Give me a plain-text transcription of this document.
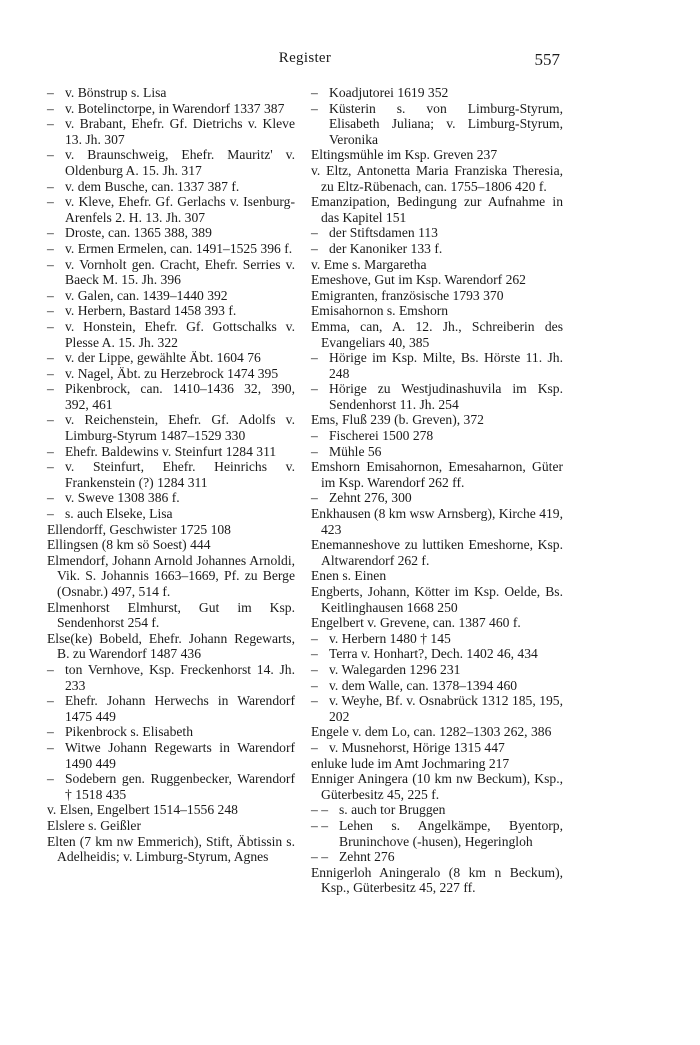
Register	557

– v. Bönstrup s. Lisa

– v. Botelinctorpe, in Warendorf 1337 387

– v. Brabant, Ehefr. Gf. Dietrichs v. Kleve 13. Jh. 307

– v. Braunschweig, Ehefr. Mauritz' v. Oldenburg A. 15. Jh. 317

– v. dem Busche, can. 1337 387 f.

– v. Kleve, Ehefr. Gf. Gerlachs v. Isenburg-Arenfels 2. H. 13. Jh. 307

– Droste, can. 1365 388, 389

– v. Ermen Ermelen, can. 1491–1525 396 f.

– v. Vornholt gen. Cracht, Ehefr. Serries v. Baeck M. 15. Jh. 396

– v. Galen, can. 1439–1440 392

– v. Herbern, Bastard 1458 393 f.

– v. Honstein, Ehefr. Gf. Gottschalks v. Plesse A. 15. Jh. 322

– v. der Lippe, gewählte Äbt. 1604 76

– v. Nagel, Äbt. zu Herzebrock 1474 395

– Pikenbrock, can. 1410–1436 32, 390, 392, 461

– v. Reichenstein, Ehefr. Gf. Adolfs v. Limburg-Styrum 1487–1529 330

– Ehefr. Baldewins v. Steinfurt 1284 311

– v. Steinfurt, Ehefr. Heinrichs v. Frankenstein (?) 1284 311

– v. Sweve 1308 386 f.

– s. auch Elseke, Lisa

Ellendorff, Geschwister 1725 108

Ellingsen (8 km sö Soest) 444

Elmendorf, Johann Arnold Johannes Arnoldi, Vik. S. Johannis 1663–1669, Pf. zu Berge (Osnabr.) 497, 514 f.

Elmenhorst Elmhurst, Gut im Ksp. Sendenhorst 254 f.

Else(ke) Bobeld, Ehefr. Johann Regewarts, B. zu Warendorf 1487 436

– ton Vernhove, Ksp. Freckenhorst 14. Jh. 233

– Ehefr. Johann Herwechs in Warendorf 1475 449

– Pikenbrock s. Elisabeth

– Witwe Johann Regewarts in Warendorf 1490 449

– Sodebern gen. Ruggenbecker, Warendorf † 1518 435

v. Elsen, Engelbert 1514–1556 248

Elslere s. Geißler

Elten (7 km nw Emmerich), Stift, Äbtissin s. Adelheidis; v. Limburg-Styrum, Agnes

– Koadjutorei 1619 352

– Küsterin s. von Limburg-Styrum, Elisabeth Juliana; v. Limburg-Styrum, Veronika

Eltingsmühle im Ksp. Greven 237

v. Eltz, Antonetta Maria Franziska Theresia, zu Eltz-Rübenach, can. 1755–1806 420 f.

Emanzipation, Bedingung zur Aufnahme in das Kapitel 151

– der Stiftsdamen 113

– der Kanoniker 133 f.

v. Eme s. Margaretha

Emeshove, Gut im Ksp. Warendorf 262

Emigranten, französische 1793 370

Emisahornon s. Emshorn

Emma, can, A. 12. Jh., Schreiberin des Evangeliars 40, 385

– Hörige im Ksp. Milte, Bs. Hörste 11. Jh. 248

– Hörige zu Westjudinashuvila im Ksp. Sendenhorst 11. Jh. 254

Ems, Fluß 239 (b. Greven), 372

– Fischerei 1500 278

– Mühle 56

Emshorn Emisahornon, Emesaharnon, Güter im Ksp. Warendorf 262 ff.

– Zehnt 276, 300

Enkhausen (8 km wsw Arnsberg), Kirche 419, 423

Enemanneshove zu luttiken Emeshorne, Ksp. Altwarendorf 262 f.

Enen s. Einen

Engberts, Johann, Kötter im Ksp. Oelde, Bs. Keitlinghausen 1668 250

Engelbert v. Grevene, can. 1387 460 f.

– v. Herbern 1480 † 145

– Terra v. Honhart?, Dech. 1402 46, 434

– v. Walegarden 1296 231

– v. dem Walle, can. 1378–1394 460

– v. Weyhe, Bf. v. Osnabrück 1312 185, 195, 202

Engele v. dem Lo, can. 1282–1303 262, 386

– v. Musnehorst, Hörige 1315 447

enluke lude im Amt Jochmaring 217

Enniger Aningera (10 km nw Beckum), Ksp., Güterbesitz 45, 225 f.

– – s. auch tor Bruggen

– – Lehen s. Angelkämpe, Byentorp, Bruninchove (-husen), Hegeringloh

– – Zehnt 276

Ennigerloh Aningeralo (8 km n Beckum), Ksp., Güterbesitz 45, 227 ff.
